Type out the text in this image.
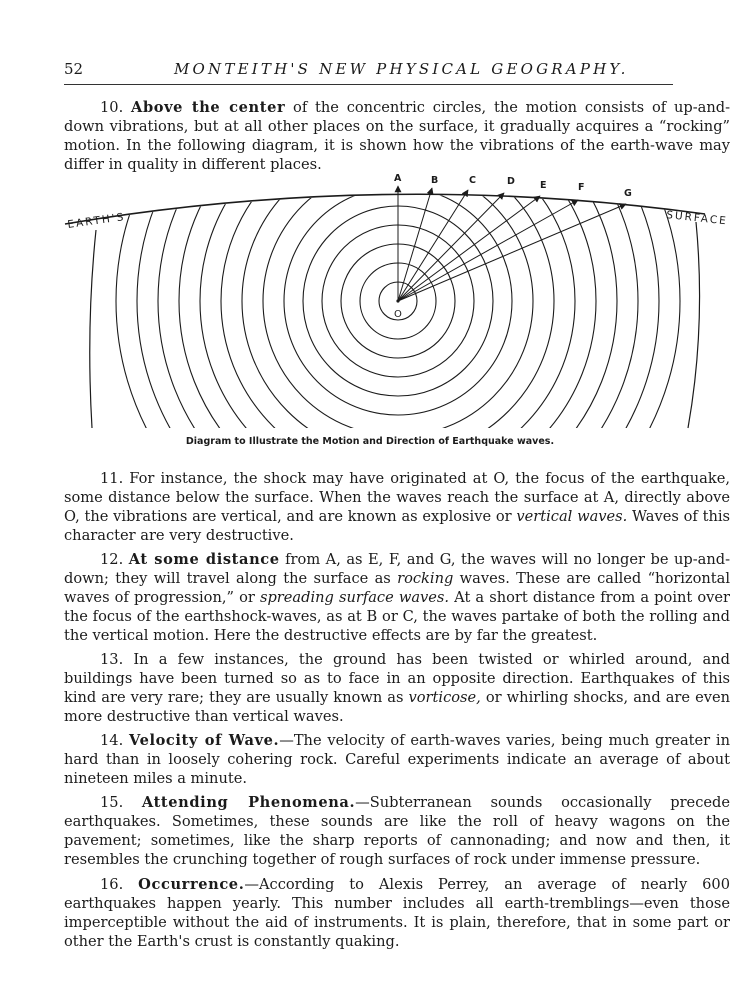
52	MONTEITH'S NEW PHYSICAL GEOGRAPHY.

10. Above the center of the concentric circles, the motion consists of up-and-down vibrations, but at all other places on the surface, it gradually acquires a “rocking” motion. In the following diagram, it is shown how the vibrations of the earth-wave may differ in quality in different places.

EARTH'S	SURFACE
O
A	B	C	D	E	F
G
Diagram to Illustrate the Motion and Direction of Earthquake waves.

11. For instance, the shock may have originated at O, the focus of the earthquake, some distance below the surface. When the waves reach the surface at A, directly above O, the vibrations are vertical, and are known as explosive or vertical waves. Waves of this character are very destructive.

12. At some distance from A, as E, F, and G, the waves will no longer be up-and-down; they will travel along the surface as rocking waves. These are called “horizontal waves of progression,” or spreading surface waves. At a short distance from a point over the focus of the earthshock-waves, as at B or C, the waves partake of both the rolling and the vertical motion. Here the destructive effects are by far the greatest.

13. In a few instances, the ground has been twisted or whirled around, and buildings have been turned so as to face in an opposite direction. Earthquakes of this kind are very rare; they are usually known as vorticose, or whirling shocks, and are even more destructive than vertical waves.

14. Velocity of Wave.—The velocity of earth-waves varies, being much greater in hard than in loosely cohering rock. Careful experiments indicate an average of about nineteen miles a minute.

15. Attending Phenomena.—Subterranean sounds occasionally precede earthquakes. Sometimes, these sounds are like the roll of heavy wagons on the pavement; sometimes, like the sharp reports of cannonading; and now and then, it resembles the crunching together of rough surfaces of rock under immense pressure.

16. Occurrence.—According to Alexis Perrey, an average of nearly 600 earthquakes happen yearly. This number includes all earth-tremblings—even those imperceptible without the aid of instruments. It is plain, therefore, that in some part or other the Earth's crust is constantly quaking.
